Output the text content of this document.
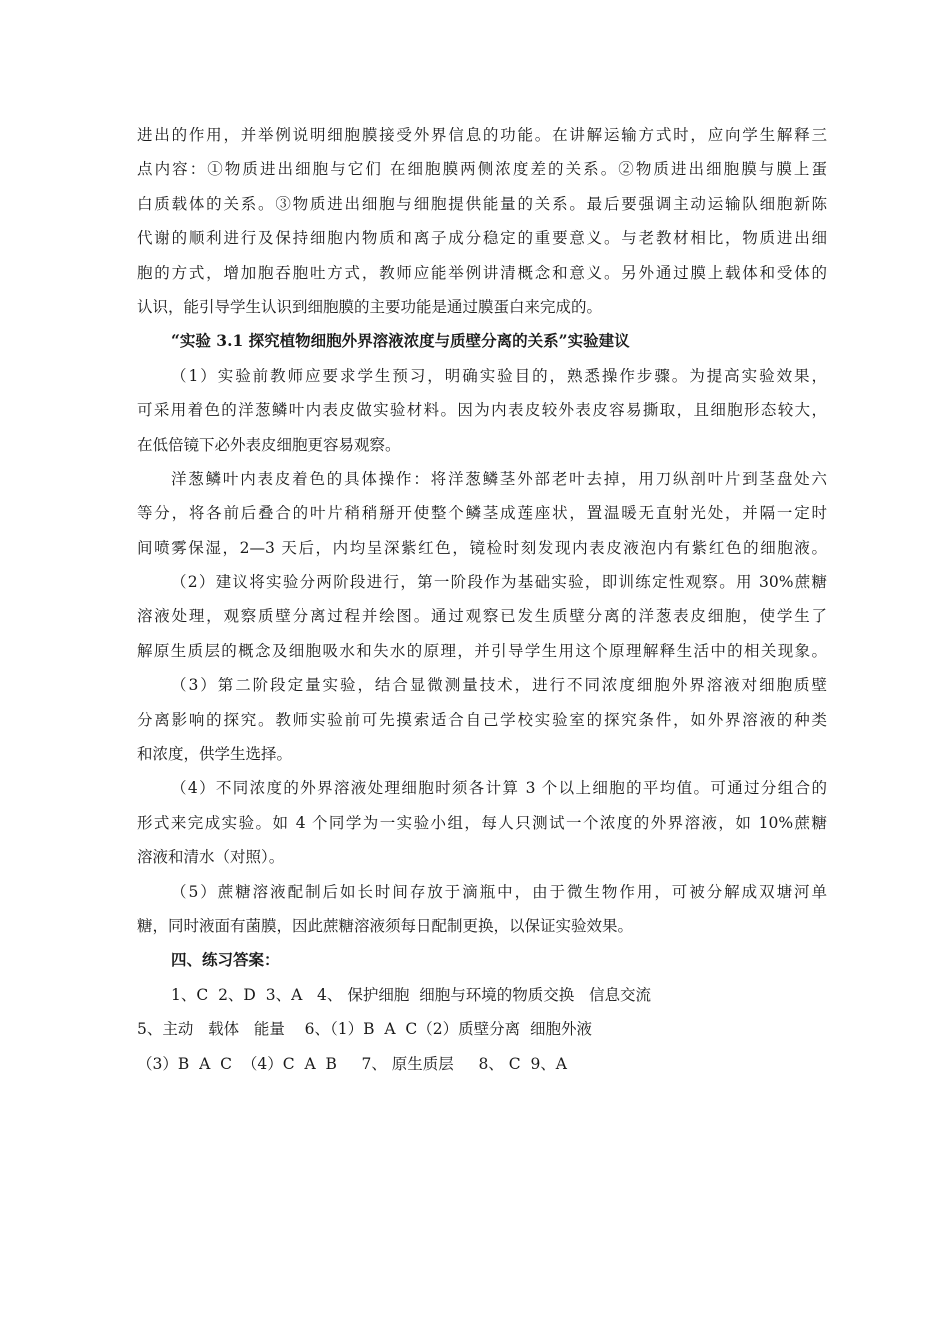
进出的作用，并举例说明细胞膜接受外界信息的功能。在讲解运输方式时，应向学生解释三
点内容：①物质进出细胞与它们 在细胞膜两侧浓度差的关系。②物质进出细胞膜与膜上蛋
白质载体的关系。③物质进出细胞与细胞提供能量的关系。最后要强调主动运输队细胞新陈
代谢的顺利进行及保持细胞内物质和离子成分稳定的重要意义。与老教材相比，物质进出细
胞的方式，增加胞吞胞吐方式，教师应能举例讲清概念和意义。另外通过膜上载体和受体的
认识，能引导学生认识到细胞膜的主要功能是通过膜蛋白来完成的。
“实验 3.1 探究植物细胞外界溶液浓度与质壁分离的关系”实验建议
（1）实验前教师应要求学生预习，明确实验目的，熟悉操作步骤。为提高实验效果，
可采用着色的洋葱鳞叶内表皮做实验材料。因为内表皮较外表皮容易撕取，且细胞形态较大，
在低倍镜下必外表皮细胞更容易观察。
洋葱鳞叶内表皮着色的具体操作：将洋葱鳞茎外部老叶去掉，用刀纵剖叶片到茎盘处六
等分，将各前后叠合的叶片稍稍掰开使整个鳞茎成莲座状，置温暖无直射光处，并隔一定时
间喷雾保湿，2—3 天后，内均呈深紫红色，镜检时刻发现内表皮液泡内有紫红色的细胞液。
（2）建议将实验分两阶段进行，第一阶段作为基础实验，即训练定性观察。用 30%蔗糖
溶液处理，观察质壁分离过程并绘图。通过观察已发生质壁分离的洋葱表皮细胞，使学生了
解原生质层的概念及细胞吸水和失水的原理，并引导学生用这个原理解释生活中的相关现象。
（3）第二阶段定量实验，结合显微测量技术，进行不同浓度细胞外界溶液对细胞质壁
分离影响的探究。教师实验前可先摸索适合自己学校实验室的探究条件，如外界溶液的种类
和浓度，供学生选择。
（4）不同浓度的外界溶液处理细胞时须各计算 3 个以上细胞的平均值。可通过分组合的
形式来完成实验。如 4 个同学为一实验小组，每人只测试一个浓度的外界溶液，如 10%蔗糖
溶液和清水（对照）。
（5）蔗糖溶液配制后如长时间存放于滴瓶中，由于微生物作用，可被分解成双塘河单
糖，同时液面有菌膜，因此蔗糖溶液须每日配制更换，以保证实验效果。
四、练习答案：
1、C  2、D  3、A   4、 保护细胞  细胞与环境的物质交换   信息交流
5、主动   载体   能量    6、（1）B  A  C（2）质壁分离  细胞外液
（3）B  A  C  （4）C  A  B     7、 原生质层     8、 C  9、A
